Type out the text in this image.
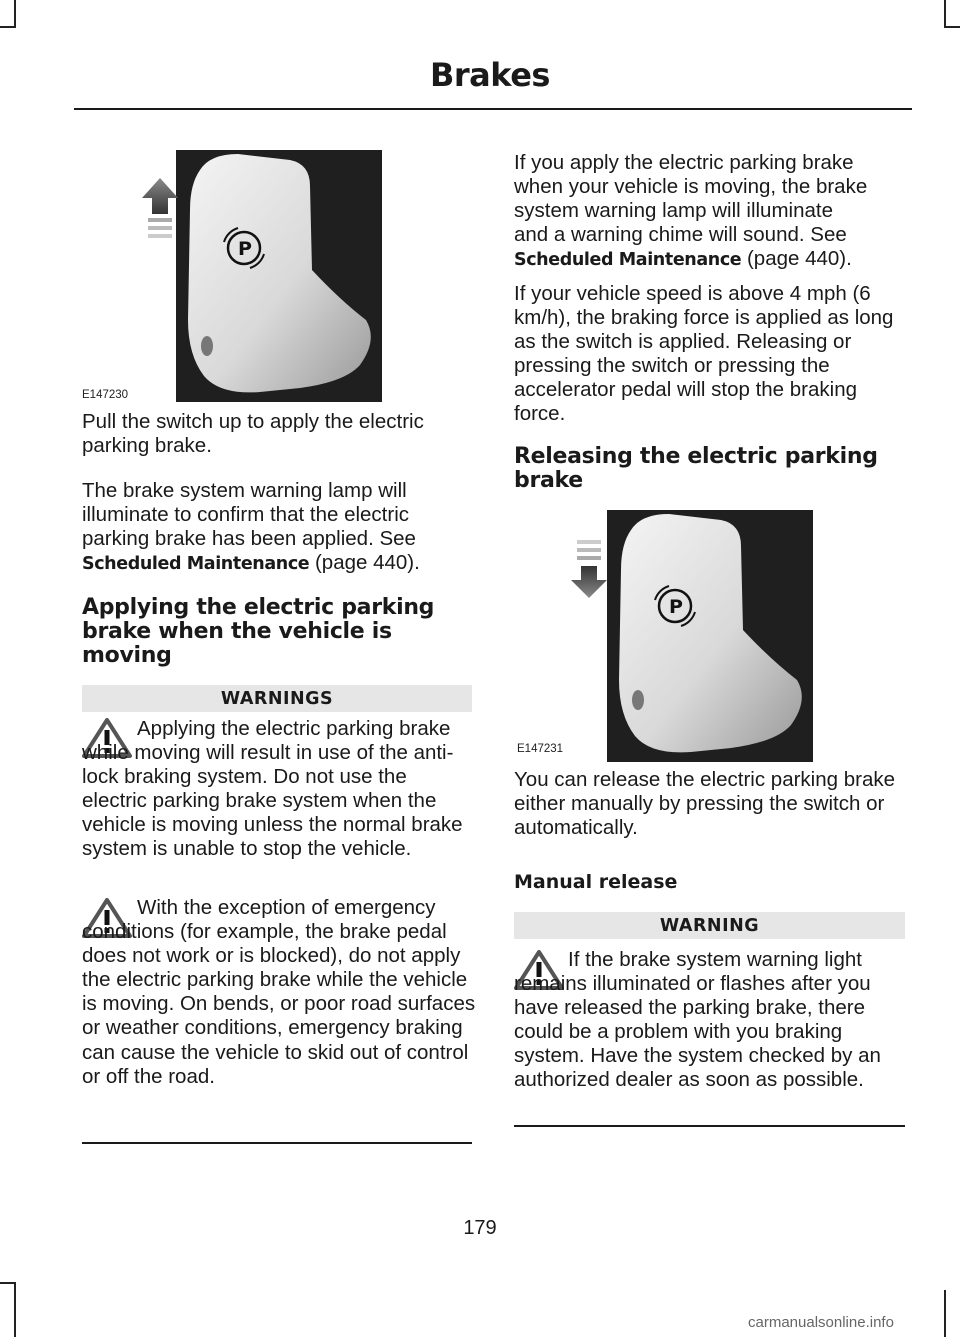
Brakes
P
E147230

Pull the switch up to apply the electric parking brake.

The brake system warning lamp will
illuminate to confirm that the electric
parking brake has been applied. See
Scheduled Maintenance (page 440).
Applying the electric parking brake when the vehicle is moving
WARNINGS

Applying the electric parking brake while moving will result in use of the anti-lock braking system. Do not use the electric parking brake system when the vehicle is moving unless the normal brake system is unable to stop the vehicle.

With the exception of emergency conditions (for example, the brake pedal does not work or is blocked), do not apply the electric parking brake while the vehicle is moving. On bends, or poor road surfaces or weather conditions, emergency braking can cause the vehicle to skid out of control or off the road.

If you apply the electric parking brake
when your vehicle is moving, the brake
system warning lamp will illuminate
and a warning chime will sound. See
Scheduled Maintenance (page 440).

If your vehicle speed is above 4 mph (6 km/h), the braking force is applied as long as the switch is applied. Releasing or pressing the switch or pressing the accelerator pedal will stop the braking force.

Releasing the electric parking brake
P
E147231

You can release the electric parking brake either manually by pressing the switch or automatically.

Manual release
WARNING

If the brake system warning light remains illuminated or flashes after you have released the parking brake, there could be a problem with you braking system. Have the system checked by an authorized dealer as soon as possible.

179
carmanualsonline.info
